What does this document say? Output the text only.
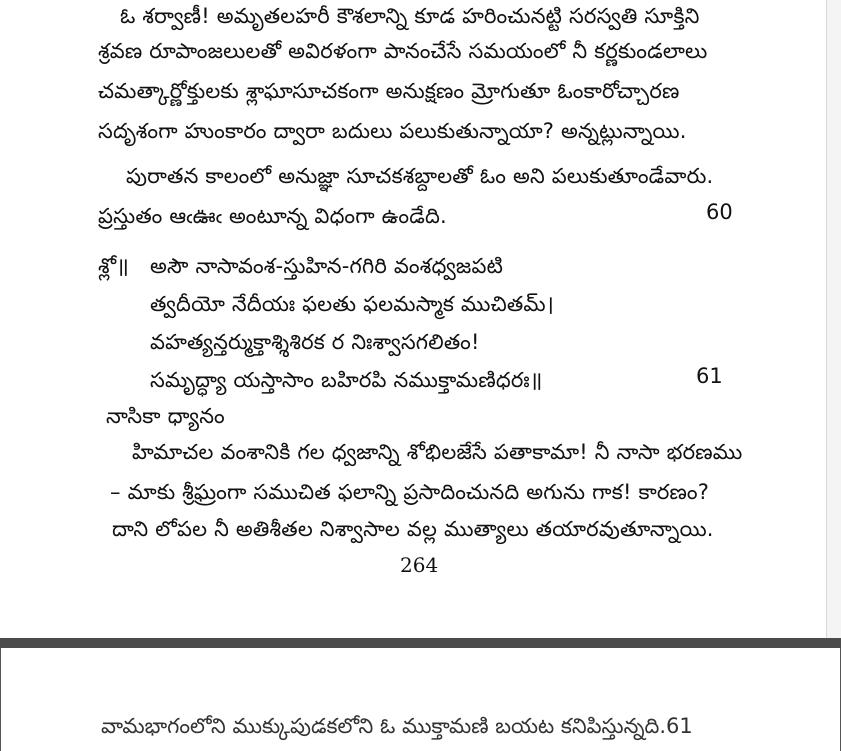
ఓ శర్వాణీ! అమృతలహరీ కౌశలాన్ని కూడ హరించునట్టి సరస్వతి సూక్తిని
శ్రవణ రూపాంజలులతో అవిరళంగా పానంచేసే సమయంలో నీ కర్ణకుండలాలు
చమత్కార్ణోక్తులకు శ్లాఘాసూచకంగా అనుక్షణం మ్రోగుతూ ఓంకారోచ్చారణ
సదృశంగా హుంకారం ద్వారా బదులు పలుకుతున్నాయా? అన్నట్లున్నాయి.
పురాతన కాలంలో అనుజ్ఞా సూచకశబ్దాలతో ఓం అని పలుకుతూండేవారు.
ప్రస్తుతం ఆఁఊఁ అంటూన్న విధంగా ఉండేది.	60
శ్లో॥ అసౌ నాసావంశ-స్తుహిన-గగిరి వంశధ్వజపటి
త్వదీయో నేదీయః ఫలతు ఫలమస్మాక ముచితమ్।
వహత్యన్తర్ముక్తాశ్శిశిరక ర నిఃశ్వాసగలితం!
సమృద్ధ్యా యస్తాసాం బహిరపి నముక్తామణిధరః॥	61
నాసికా ధ్యానం
హిమాచల వంశానికి గల ధ్వజాన్ని శోభిలజేసే పతాకామా! నీ నాసా భరణము
– మాకు శ్రీఘ్రంగా సముచిత ఫలాన్ని ప్రసాదించునది అగును గాక! కారణం?
దాని లోపల నీ అతిశీతల నిశ్వాసాల వల్ల ముత్యాలు తయారవుతూన్నాయి.
264
వామభాగంలోని ముక్కుపుడకలోని ఓ ముక్తామణి బయట కనిపిస్తున్నది.61
